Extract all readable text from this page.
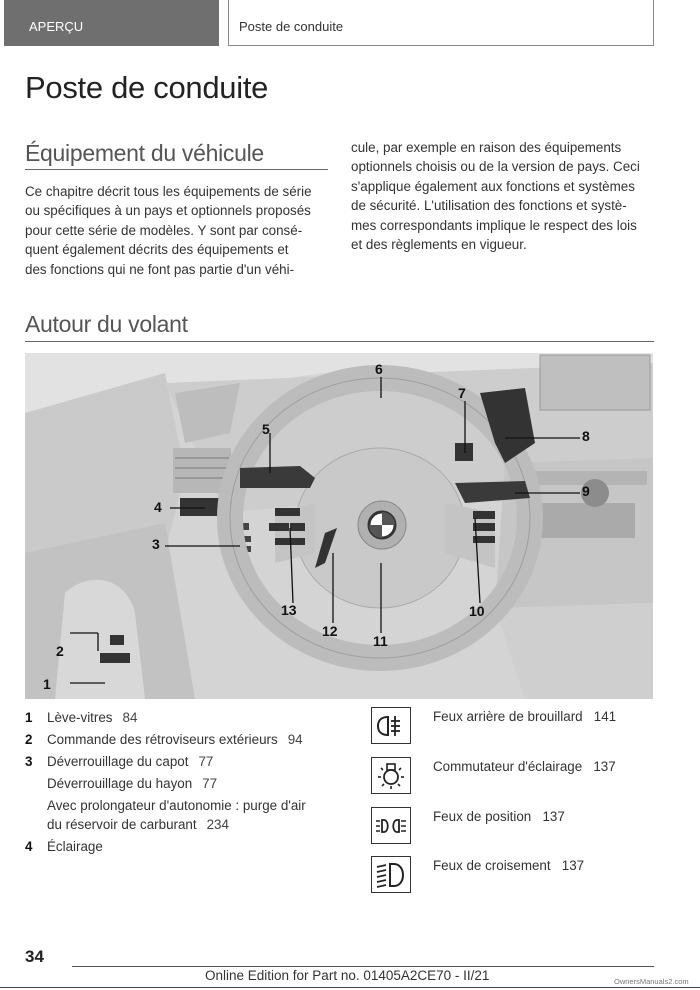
APERÇU	Poste de conduite
Poste de conduite
Équipement du véhicule
Ce chapitre décrit tous les équipements de série
ou spécifiques à un pays et optionnels proposés
pour cette série de modèles. Y sont par consé-
quent également décrits des équipements et
des fonctions qui ne font pas partie d'un véhi-
cule, par exemple en raison des équipements
optionnels choisis ou de la version de pays. Ceci
s'applique également aux fonctions et systèmes
de sécurité. L'utilisation des fonctions et systè-
mes correspondants implique le respect des lois
et des règlements en vigueur.
Autour du volant
1
2
3
4
5
6
7
8
9
10
11
12
13
1	Lève-vitres 84
2	Commande des rétroviseurs extérieurs 94
3	Déverrouillage du capot 77
Déverrouillage du hayon 77
Avec prolongateur d'autonomie : purge d'air
du réservoir de carburant 234
4	Éclairage
Feux arrière de brouillard 141
Commutateur d'éclairage 137
Feux de position 137
Feux de croisement 137
34
Online Edition for Part no. 01405A2CE70 - II/21	OwnersManuals2.com
